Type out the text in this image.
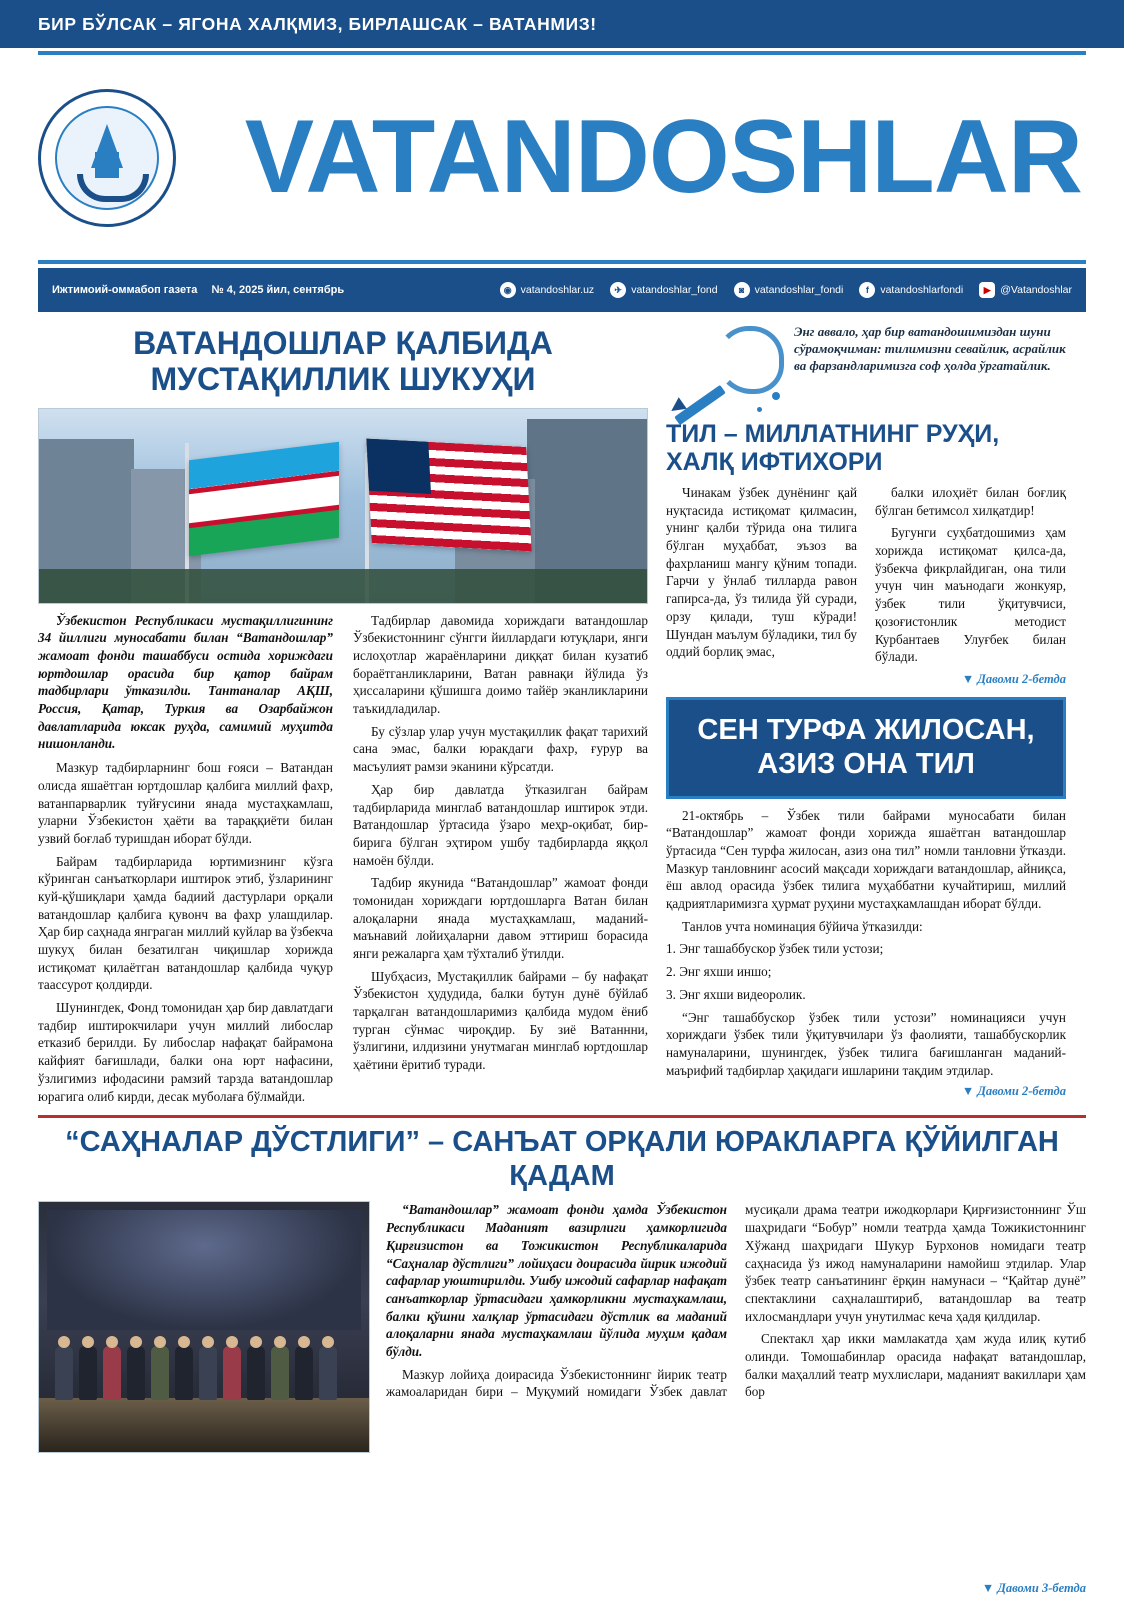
БИР БЎЛСАК – ЯГОНА ХАЛҚМИЗ, БИРЛАШСАК – ВАТАНМИЗ!
VATANDOSHLAR
Ижтимоий-оммабоп газета № 4, 2025 йил, сентябрь	◉ vatandoshlar.uz	✈ vatandoshlar_fond	◙ vatandoshlar_fondi	f	vatandoshlarfondi	▶ @Vatandoshlar
ВАТАНДОШЛАР ҚАЛБИДА МУСТАҚИЛЛИК ШУКУҲИ

Ўзбекистон Республикаси мустақиллигининг 34 йиллиги муносабати билан “Ватандошлар” жамоат фонди ташаббуси остида хориждаги юртдошлар орасида бир қатор байрам тадбирлари ўтказилди. Тантаналар АҚШ, Россия, Қатар, Туркия ва Озарбайжон давлатларида юксак руҳда, самимий муҳитда нишонланди.

Мазкур тадбирларнинг бош ғояси – Ватандан олисда яшаётган юртдошлар қалбига миллий фахр, ватанпарварлик туйғусини янада мустаҳкамлаш, уларни Ўзбекистон ҳаёти ва тараққиёти билан узвий боғлаб туришдан иборат бўлди.

Байрам тадбирларида юртимизнинг кўзга кўринган санъаткорлари иштирок этиб, ўзларининг куй-қўшиқлари ҳамда бадиий дастурлари орқали ватандошлар қалбига қувонч ва фахр улашдилар. Ҳар бир саҳнада янграган миллий куйлар ва ўзбекча шукуҳ билан безатилган чиқишлар хорижда истиқомат қилаётган ватандошлар қалбида чуқур таассурот қолдирди.

Шунингдек, Фонд томонидан ҳар бир давлатдаги тадбир иштирокчилари учун миллий либослар етказиб берилди. Бу либослар нафақат байрамона кайфият бағишлади, балки она юрт нафасини, ўзлигимиз ифодасини рамзий тарзда ватандошлар юрагига олиб кирди, десак муболаға бўлмайди.

Тадбирлар давомида хориждаги ватандошлар Ўзбекистоннинг сўнгги йиллардаги ютуқлари, янги ислоҳотлар жараёнларини диққат билан кузатиб бораётганликларини, Ватан равнақи йўлида ўз ҳиссаларини қўшишга доимо тайёр эканликларини таъкидладилар.

Бу сўзлар улар учун мустақиллик фақат тарихий сана эмас, балки юракдаги фахр, ғурур ва масъулият рамзи эканини кўрсатди.

Ҳар бир давлатда ўтказилган байрам тадбирларида минглаб ватандошлар иштирок этди. Ватандошлар ўртасида ўзаро меҳр-оқибат, бир-бирига бўлган эҳтиром ушбу тадбирларда яққол намоён бўлди.

Тадбир якунида “Ватандошлар” жамоат фонди томонидан хориждаги юртдошларга Ватан билан алоқаларни янада мустаҳкамлаш, маданий-маънавий лойиҳаларни давом эттириш борасида янги режаларга ҳам тўхталиб ўтилди.

Шубҳасиз, Мустақиллик байрами – бу нафақат Ўзбекистон ҳудудида, балки бутун дунё бўйлаб тарқалган ватандошларимиз қалбида мудом ёниб турган сўнмас чироқдир. Бу зиё Ватаннни, ўзлигини, илдизини унутмаган минглаб юртдошлар ҳаётини ёритиб туради.

Энг аввало, ҳар бир ватандошимиздан шуни сўрамоқчиман: тилимизни севайлик, асрайлик ва фарзандларимизга соф ҳолда ўргатайлик.
ТИЛ – МИЛЛАТНИНГ РУҲИ, ХАЛҚ ИФТИХОРИ

Чинакам ўзбек дунёнинг қай нуқтасида истиқомат қилмасин, унинг қалби тўрида она тилига бўлган муҳаббат, эъзоз ва фахрланиш мангу қўним топади. Гарчи у ўнлаб тилларда равон гапирса-да, ўз тилида ўй суради, орзу қилади, туш кўради! Шундан маълум бўладики, тил бу оддий борлиқ эмас,

балки илоҳиёт билан боғлиқ бўлган бетимсол хилқатдир!

Бугунги суҳбатдошимиз ҳам хорижда истиқомат қилса-да, ўзбекча фикрлайдиган, она тили учун чин маънодаги жонкуяр, ўзбек тили ўқитувчиси, қозоғистонлик методист Курбантаев Улуғбек билан бўлади.

▼ Давоми 2-бетда
СЕН ТУРФА ЖИЛОСАН, АЗИЗ ОНА ТИЛ

21-октябрь – Ўзбек тили байрами муносабати билан “Ватандошлар” жамоат фонди хорижда яшаётган ватандошлар ўртасида “Сен турфа жилосан, азиз она тил” номли танловни ўтказди. Мазкур танловнинг асосий мақсади хориждаги ватандошлар, айниқса, ёш авлод орасида ўзбек тилига муҳаббатни кучайтириш, миллий қадриятларимизга ҳурмат руҳини мустаҳкамлашдан иборат бўлди.

Танлов учта номинация бўйича ўтказилди:

1. Энг ташаббускор ўзбек тили устози;

2. Энг яхши иншо;

3. Энг яхши видеоролик.

“Энг ташаббускор ўзбек тили устози” номинацияси учун хориждаги ўзбек тили ўқитувчилари ўз фаолияти, ташаббускорлик намуналарини, шунингдек, ўзбек тилига бағишланган маданий-маърифий тадбирлар ҳақидаги ишларини тақдим этдилар.

▼ Давоми 2-бетда
“САҲНАЛАР ДЎСТЛИГИ” – САНЪАТ ОРҚАЛИ ЮРАКЛАРГА ҚЎЙИЛГАН ҚАДАМ

“Ватандошлар” жамоат фонди ҳамда Ўзбекистон Республикаси Маданият вазирлиги ҳамкорлигида Қирғизистон ва Тожикистон Республикаларида “Саҳналар дўстлиги” лойиҳаси доирасида йирик ижодий сафарлар уюштирилди. Ушбу ижодий сафарлар нафақат санъаткорлар ўртасидаги ҳамкорликни мустаҳкамлаш, балки қўшни халқлар ўртасидаги дўстлик ва маданий алоқаларни янада мустаҳкамлаш йўлида муҳим қадам бўлди.

Мазкур лойиҳа доирасида Ўзбекистоннинг йирик театр жамоаларидан бири – Муқумий номидаги Ўзбек давлат мусиқали драма театри ижодкорлари Қирғизистоннинг Ўш шаҳридаги “Бобур” номли театрда ҳамда Тожикистоннинг Хўжанд шаҳридаги Шукур Бурхонов номидаги театр саҳнасида ўз ижод намуналарини намойиш этдилар. Улар ўзбек театр санъатининг ёрқин намунаси – “Қайтар дунё” спектаклини саҳналаштириб, ватандошлар ва театр ихлосмандлари учун унутилмас кеча ҳадя қилдилар.

Спектакл ҳар икки мамлакатда ҳам жуда илиқ кутиб олинди. Томошабинлар орасида нафақат ватандошлар, балки маҳаллий театр мухлислари, маданият вакиллари ҳам бор

▼ Давоми 3-бетда
